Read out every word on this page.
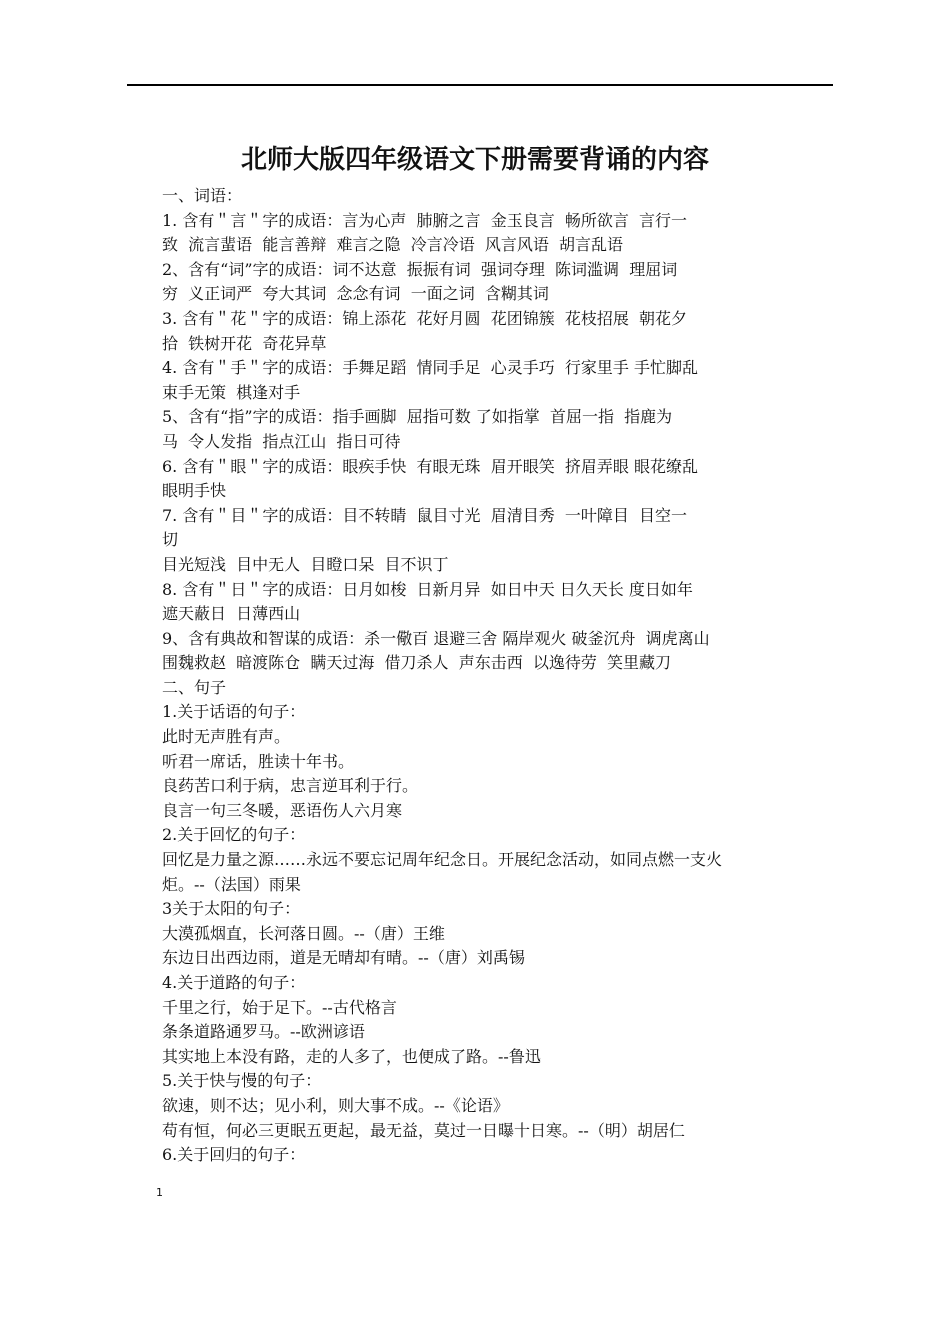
北师大版四年级语文下册需要背诵的内容
一、词语：
1. 含有＂言＂字的成语：言为心声  肺腑之言  金玉良言  畅所欲言  言行一
致  流言蜚语  能言善辩  难言之隐  冷言冷语  风言风语  胡言乱语
2、含有“词”字的成语：词不达意  振振有词  强词夺理  陈词滥调  理屈词
穷  义正词严  夸大其词  念念有词  一面之词  含糊其词
3. 含有＂花＂字的成语：锦上添花  花好月圆  花团锦簇  花枝招展  朝花夕
拾  铁树开花  奇花异草
4. 含有＂手＂字的成语：手舞足蹈  情同手足  心灵手巧  行家里手 手忙脚乱
束手无策  棋逢对手
5、含有“指”字的成语：指手画脚  屈指可数 了如指掌  首屈一指  指鹿为
马  令人发指  指点江山  指日可待
6. 含有＂眼＂字的成语：眼疾手快  有眼无珠  眉开眼笑  挤眉弄眼 眼花缭乱
眼明手快
7. 含有＂目＂字的成语：目不转睛  鼠目寸光  眉清目秀  一叶障目  目空一
切
目光短浅  目中无人  目瞪口呆  目不识丁
8. 含有＂日＂字的成语：日月如梭  日新月异  如日中天 日久天长 度日如年
遮天蔽日  日薄西山
9、含有典故和智谋的成语：杀一儆百 退避三舍 隔岸观火 破釜沉舟  调虎离山
围魏救赵  暗渡陈仓  瞒天过海  借刀杀人  声东击西  以逸待劳  笑里藏刀
二、句子
1.关于话语的句子：
此时无声胜有声。
听君一席话，胜读十年书。
良药苦口利于病，忠言逆耳利于行。
良言一句三冬暖，恶语伤人六月寒
2.关于回忆的句子：
回忆是力量之源……永远不要忘记周年纪念日。开展纪念活动，如同点燃一支火
炬。--（法国）雨果
3关于太阳的句子：
大漠孤烟直，长河落日圆。--（唐）王维
东边日出西边雨，道是无晴却有晴。--（唐）刘禹锡
4.关于道路的句子：
千里之行，始于足下。--古代格言
条条道路通罗马。--欧洲谚语
其实地上本没有路，走的人多了，也便成了路。--鲁迅
5.关于快与慢的句子：
欲速，则不达；见小利，则大事不成。--《论语》
苟有恒，何必三更眠五更起，最无益，莫过一日曝十日寒。--（明）胡居仁
6.关于回归的句子：
1
